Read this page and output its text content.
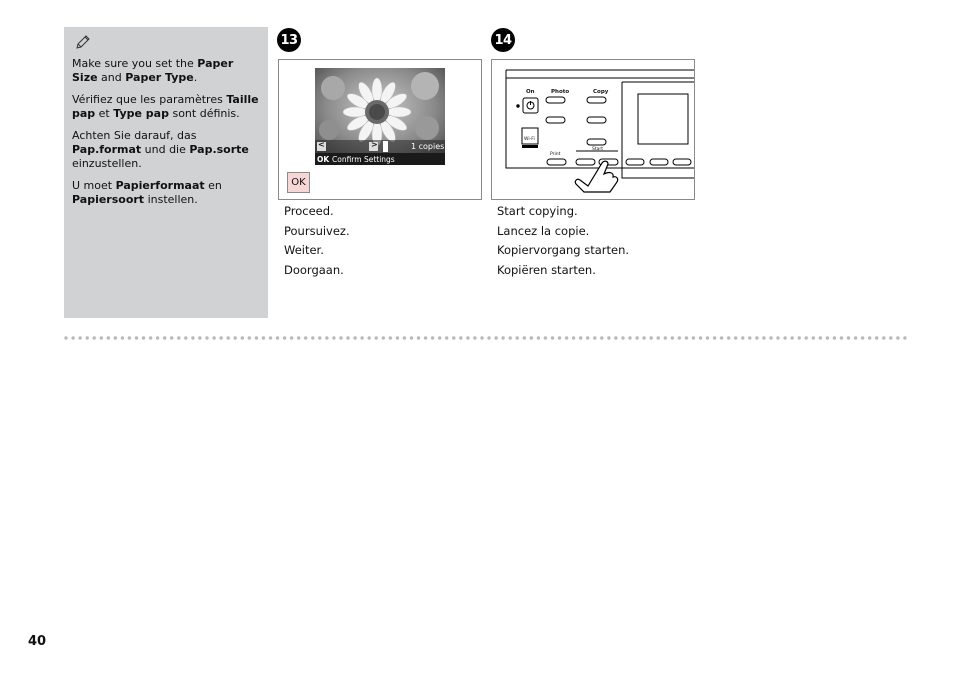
Make sure you set the Paper Size and Paper Type.

Vérifiez que les paramètres Taille pap et Type pap sont définis.

Achten Sie darauf, das Pap.format und die Pap.sorte einzustellen.

U moet Papierformaat en Papiersoort instellen.

13
<	>	1 copies
OK Confirm Settings
OK
Proceed.
Poursuivez.
Weiter.
Doorgaan.
14
On	Photo	Copy
Wi-Fi
Print
Start
Start copying.
Lancez la copie.
Kopiervorgang starten.
Kopiëren starten.
40
